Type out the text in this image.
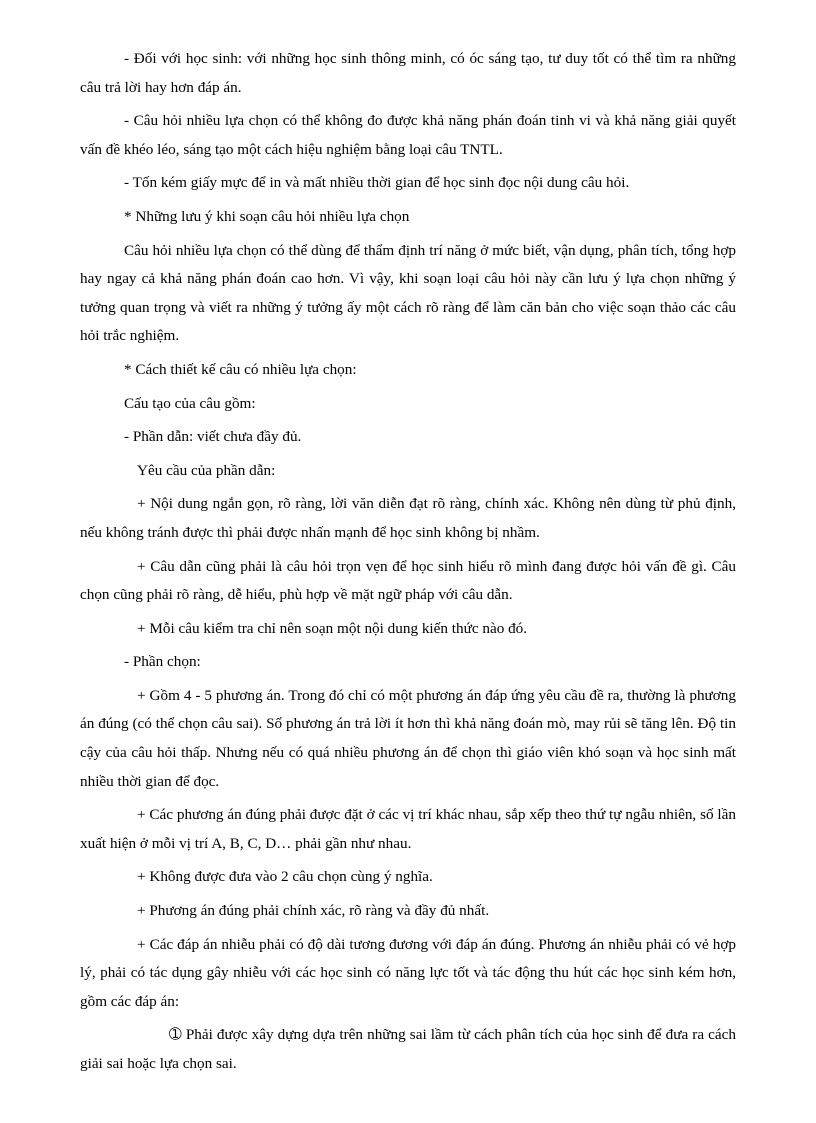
- Đối với học sinh: với những học sinh thông minh, có óc sáng tạo, tư duy tốt có thể tìm ra những câu trả lời hay hơn đáp án.

- Câu hỏi nhiều lựa chọn có thể không đo được khả năng phán đoán tinh vi và khả năng giải quyết vấn đề khéo léo, sáng tạo một cách hiệu nghiệm bằng loại câu TNTL.

- Tốn kém giấy mực để in và mất nhiều thời gian để học sinh đọc nội dung câu hỏi.

* Những lưu ý khi soạn câu hỏi nhiều lựa chọn

Câu hỏi nhiều lựa chọn có thể dùng để thẩm định trí năng ở mức biết, vận dụng, phân tích, tổng hợp hay ngay cả khả năng phán đoán cao hơn. Vì vậy, khi soạn loại câu hỏi này cần lưu ý lựa chọn những ý tưởng quan trọng và viết ra những ý tưởng ấy một cách rõ ràng để làm căn bản cho việc soạn thảo các câu hỏi trắc nghiệm.

* Cách thiết kế câu có nhiều lựa chọn:

Cấu tạo của câu gồm:

- Phần dẫn: viết chưa đầy đủ.

Yêu cầu của phần dẫn:

+ Nội dung ngắn gọn, rõ ràng, lời văn diễn đạt rõ ràng, chính xác. Không nên dùng từ phủ định, nếu không tránh được thì phải được nhấn mạnh để học sinh không bị nhầm.

+ Câu dẫn cũng phải là câu hỏi trọn vẹn để học sinh hiểu rõ mình đang được hỏi vấn đề gì. Câu chọn cũng phải rõ ràng, dễ hiểu, phù hợp về mặt ngữ pháp với câu dẫn.

+ Mỗi câu kiểm tra chỉ nên soạn một nội dung kiến thức nào đó.

- Phần chọn:

+ Gồm 4 - 5 phương án. Trong đó chỉ có một phương án đáp ứng yêu cầu đề ra, thường là phương án đúng (có thể chọn câu sai). Số phương án trả lời ít hơn thì khả năng đoán mò, may rủi sẽ tăng lên. Độ tin cậy của câu hỏi thấp. Nhưng nếu có quá nhiều phương án để chọn thì giáo viên khó soạn và học sinh mất nhiều thời gian để đọc.

+ Các phương án đúng phải được đặt ở các vị trí khác nhau, sắp xếp theo thứ tự ngẫu nhiên, số lần xuất hiện ở mỗi vị trí A, B, C, D… phải gần như nhau.

+ Không được đưa vào 2 câu chọn cùng ý nghĩa.

+ Phương án đúng phải chính xác, rõ ràng và đầy đủ nhất.

+ Các đáp án nhiễu phải có độ dài tương đương với đáp án đúng. Phương án nhiễu phải có vẻ hợp lý, phải có tác dụng gây nhiễu với các học sinh có năng lực tốt và tác động thu hút các học sinh kém hơn, gồm các đáp án:

➀ Phải được xây dựng dựa trên những sai lầm từ cách phân tích của học sinh để đưa ra cách giải sai hoặc lựa chọn sai.
